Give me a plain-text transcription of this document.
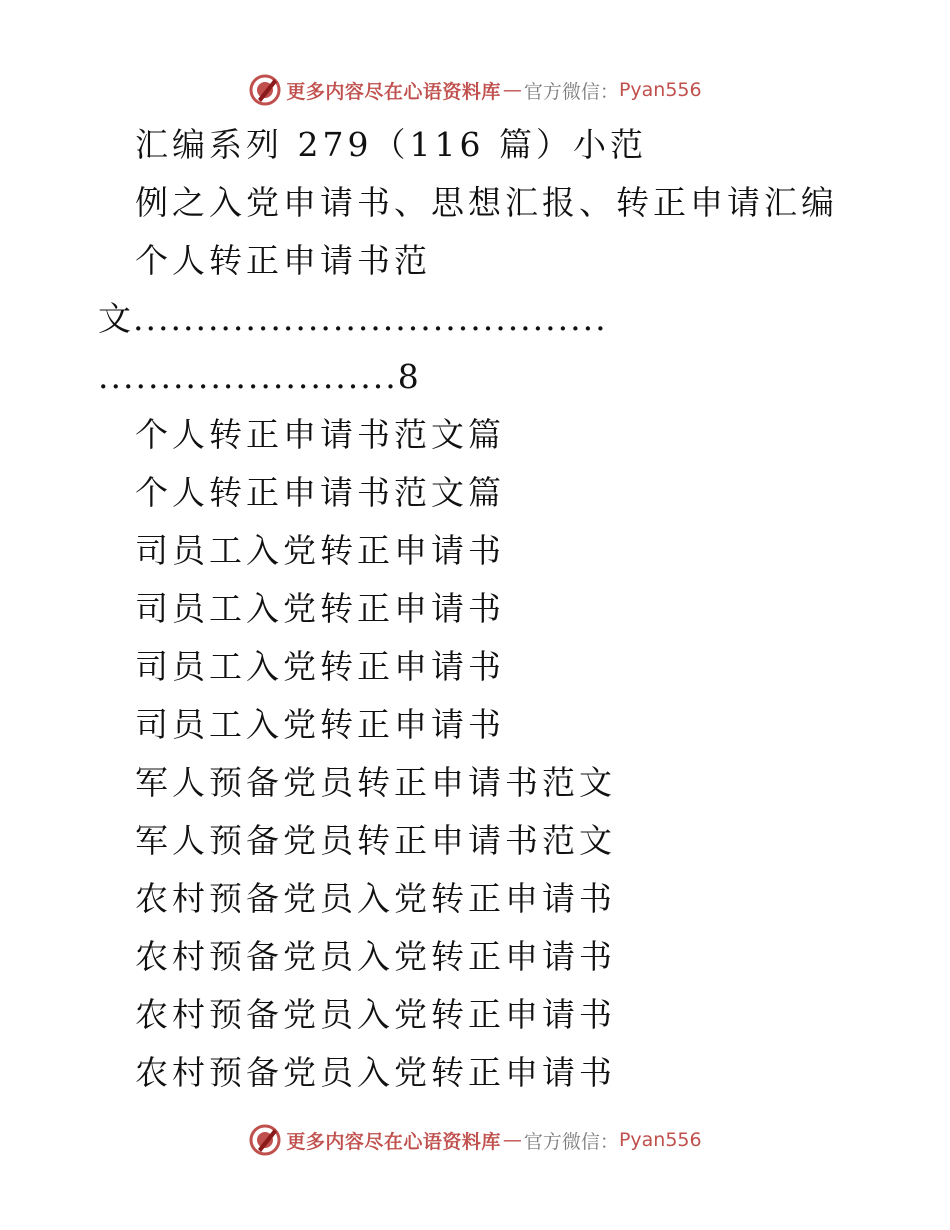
更多内容尽在心语资料库 — 官方微信： Pyan556
汇编系列 279（116 篇）小范
例之入党申请书、思想汇报、转正申请汇编
个人转正申请书范
文......................................
........................8
个人转正申请书范文篇
个人转正申请书范文篇
司员工入党转正申请书
司员工入党转正申请书
司员工入党转正申请书
司员工入党转正申请书
军人预备党员转正申请书范文
军人预备党员转正申请书范文
农村预备党员入党转正申请书
农村预备党员入党转正申请书
农村预备党员入党转正申请书
农村预备党员入党转正申请书
更多内容尽在心语资料库 — 官方微信： Pyan556
